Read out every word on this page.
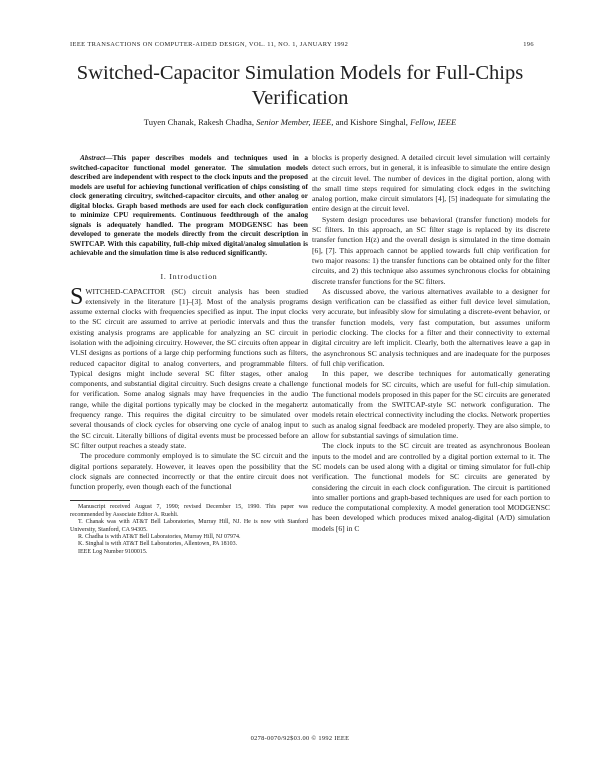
IEEE TRANSACTIONS ON COMPUTER-AIDED DESIGN, VOL. 11, NO. 1, JANUARY 1992	196
Switched-Capacitor Simulation Models for Full-Chips Verification
Tuyen Chanak, Rakesh Chadha, Senior Member, IEEE, and Kishore Singhal, Fellow, IEEE

Abstract—This paper describes models and techniques used in a switched-capacitor functional model generator. The simulation models described are independent with respect to the clock inputs and the proposed models are useful for achieving functional verification of chips consisting of clock generating circuitry, switched-capacitor circuits, and other analog or digital blocks. Graph based methods are used for each clock configuration to minimize CPU requirements. Continuous feedthrough of the analog signals is adequately handled. The program MODGENSC has been developed to generate the models directly from the circuit description in SWITCAP. With this capability, full-chip mixed digital/analog simulation is achievable and the simulation time is also reduced significantly.

I. Introduction

SWITCHED-CAPACITOR (SC) circuit analysis has been studied extensively in the literature [1]–[3]. Most of the analysis programs assume external clocks with frequencies specified as input. The input clocks to the SC circuit are assumed to arrive at periodic intervals and thus the existing analysis programs are applicable for analyzing an SC circuit in isolation with the adjoining circuitry. However, the SC circuits often appear in VLSI designs as portions of a large chip performing functions such as filters, reduced capacitor digital to analog converters, and programmable filters. Typical designs might include several SC filter stages, other analog components, and substantial digital circuitry. Such designs create a challenge for verification. Some analog signals may have frequencies in the audio range, while the digital portions typically may be clocked in the megahertz frequency range. This requires the digital circuitry to be simulated over several thousands of clock cycles for observing one cycle of analog input to the SC circuit. Literally billions of digital events must be processed before an SC filter output reaches a steady state.

The procedure commonly employed is to simulate the SC circuit and the digital portions separately. However, it leaves open the possibility that the clock signals are connected incorrectly or that the entire circuit does not function properly, even though each of the functional

Manuscript received August 7, 1990; revised December 15, 1990. This paper was recommended by Associate Editor A. Ruehli.

T. Chanak was with AT&T Bell Laboratories, Murray Hill, NJ. He is now with Stanford University, Stanford, CA 94305.

R. Chadha is with AT&T Bell Laboratories, Murray Hill, NJ 07974.

K. Singhal is with AT&T Bell Laboratories, Allentown, PA 18103.

IEEE Log Number 9100015.

blocks is properly designed. A detailed circuit level simulation will certainly detect such errors, but in general, it is infeasible to simulate the entire design at the circuit level. The number of devices in the digital portion, along with the small time steps required for simulating clock edges in the switching analog portion, make circuit simulators [4], [5] inadequate for simulating the entire design at the circuit level.

System design procedures use behavioral (transfer function) models for SC filters. In this approach, an SC filter stage is replaced by its discrete transfer function H(z) and the overall design is simulated in the time domain [6], [7]. This approach cannot be applied towards full chip verification for two major reasons: 1) the transfer functions can be obtained only for the filter circuits, and 2) this technique also assumes synchronous clocks for obtaining discrete transfer functions for the SC filters.

As discussed above, the various alternatives available to a designer for design verification can be classified as either full device level simulation, very accurate, but infeasibly slow for simulating a discrete-event behavior, or transfer function models, very fast computation, but assumes uniform periodic clocking. The clocks for a filter and their connectivity to external digital circuitry are left implicit. Clearly, both the alternatives leave a gap in the asynchronous SC analysis techniques and are inadequate for the purposes of full chip verification.

In this paper, we describe techniques for automatically generating functional models for SC circuits, which are useful for full-chip simulation. The functional models proposed in this paper for the SC circuits are generated automatically from the SWITCAP-style SC network configuration. The models retain electrical connectivity including the clocks. Network properties such as analog signal feedback are modeled properly. They are also simple, to allow for substantial savings of simulation time.

The clock inputs to the SC circuit are treated as asynchronous Boolean inputs to the model and are controlled by a digital portion external to it. The SC models can be used along with a digital or timing simulator for full-chip verification. The functional models for SC circuits are generated by considering the circuit in each clock configuration. The circuit is partitioned into smaller portions and graph-based techniques are used for each portion to reduce the computational complexity. A model generation tool MODGENSC has been developed which produces mixed analog-digital (A/D) simulation models [6] in C

0278-0070/92$03.00 © 1992 IEEE
